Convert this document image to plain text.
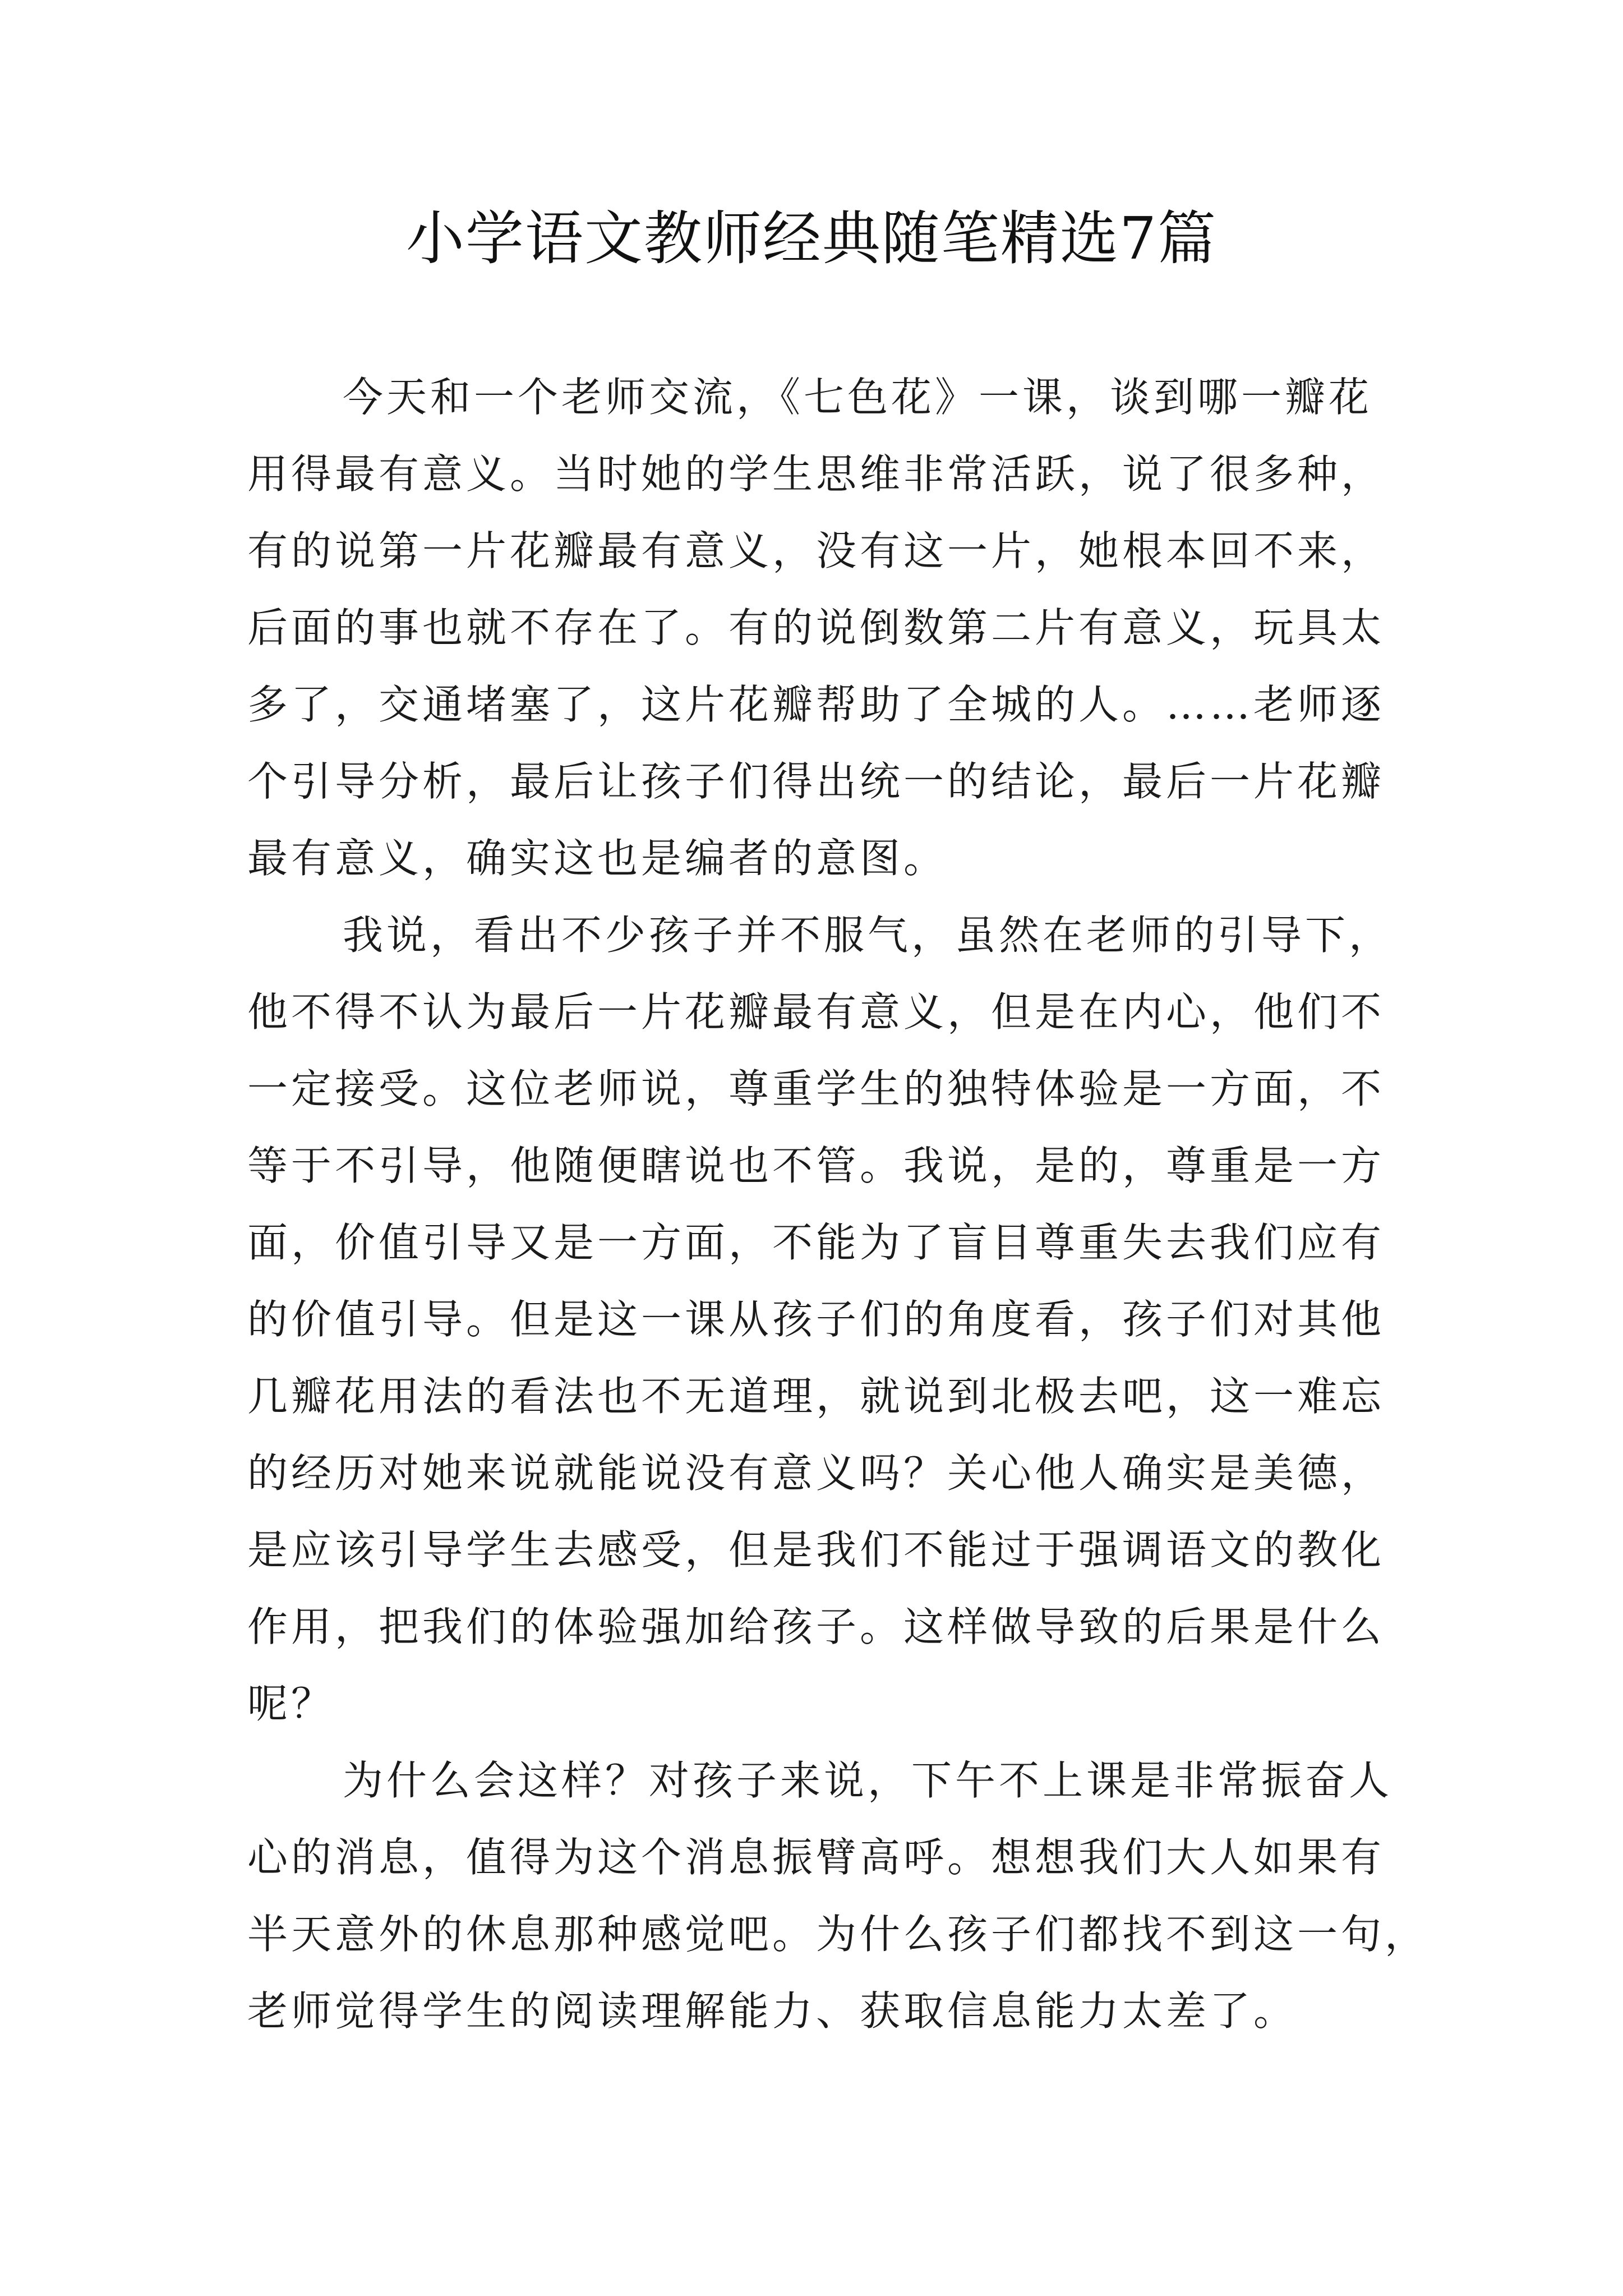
小学语文教师经典随笔精选7篇
今天和一个老师交流，《七色花》一课，谈到哪一瓣花
用得最有意义。当时她的学生思维非常活跃，说了很多种，
有的说第一片花瓣最有意义，没有这一片，她根本回不来，
后面的事也就不存在了。有的说倒数第二片有意义，玩具太
多了，交通堵塞了，这片花瓣帮助了全城的人。……老师逐
个引导分析，最后让孩子们得出统一的结论，最后一片花瓣
最有意义，确实这也是编者的意图。
我说，看出不少孩子并不服气，虽然在老师的引导下，
他不得不认为最后一片花瓣最有意义，但是在内心，他们不
一定接受。这位老师说，尊重学生的独特体验是一方面，不
等于不引导，他随便瞎说也不管。我说，是的，尊重是一方
面，价值引导又是一方面，不能为了盲目尊重失去我们应有
的价值引导。但是这一课从孩子们的角度看，孩子们对其他
几瓣花用法的看法也不无道理，就说到北极去吧，这一难忘
的经历对她来说就能说没有意义吗？关心他人确实是美德，
是应该引导学生去感受，但是我们不能过于强调语文的教化
作用，把我们的体验强加给孩子。这样做导致的后果是什么
呢？
为什么会这样？对孩子来说，下午不上课是非常振奋人
心的消息，值得为这个消息振臂高呼。想想我们大人如果有
半天意外的休息那种感觉吧。为什么孩子们都找不到这一句，
老师觉得学生的阅读理解能力、获取信息能力太差了。
